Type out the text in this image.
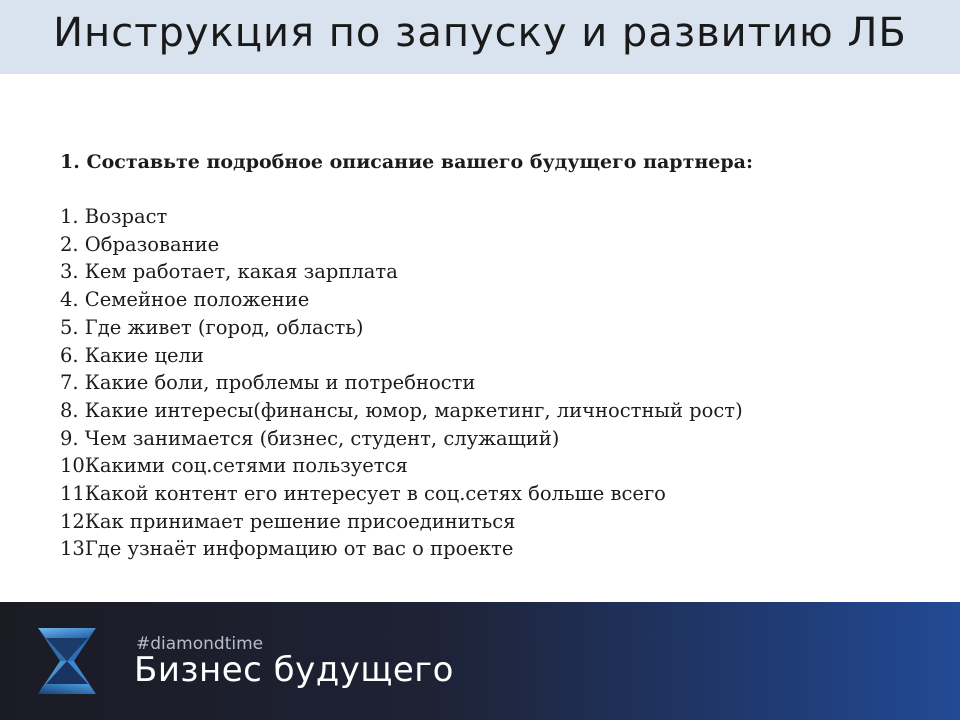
Инструкция по запуску и развитию ЛБ

1. Составьте подробное описание вашего будущего партнера:

1. Возраст
2. Образование
3. Кем работает, какая зарплата
4. Семейное положение
5. Где живет (город, область)
6. Какие цели
7. Какие боли, проблемы и потребности
8. Какие интересы(финансы, юмор, маркетинг, личностный рост)
9. Чем занимается (бизнес, студент, служащий)
10Какими соц.сетями пользуется
11Какой контент его интересует в соц.сетях больше всего
12Как принимает решение присоединиться
13Где узнаёт информацию от вас о проекте
#diamondtime
Бизнес будущего
